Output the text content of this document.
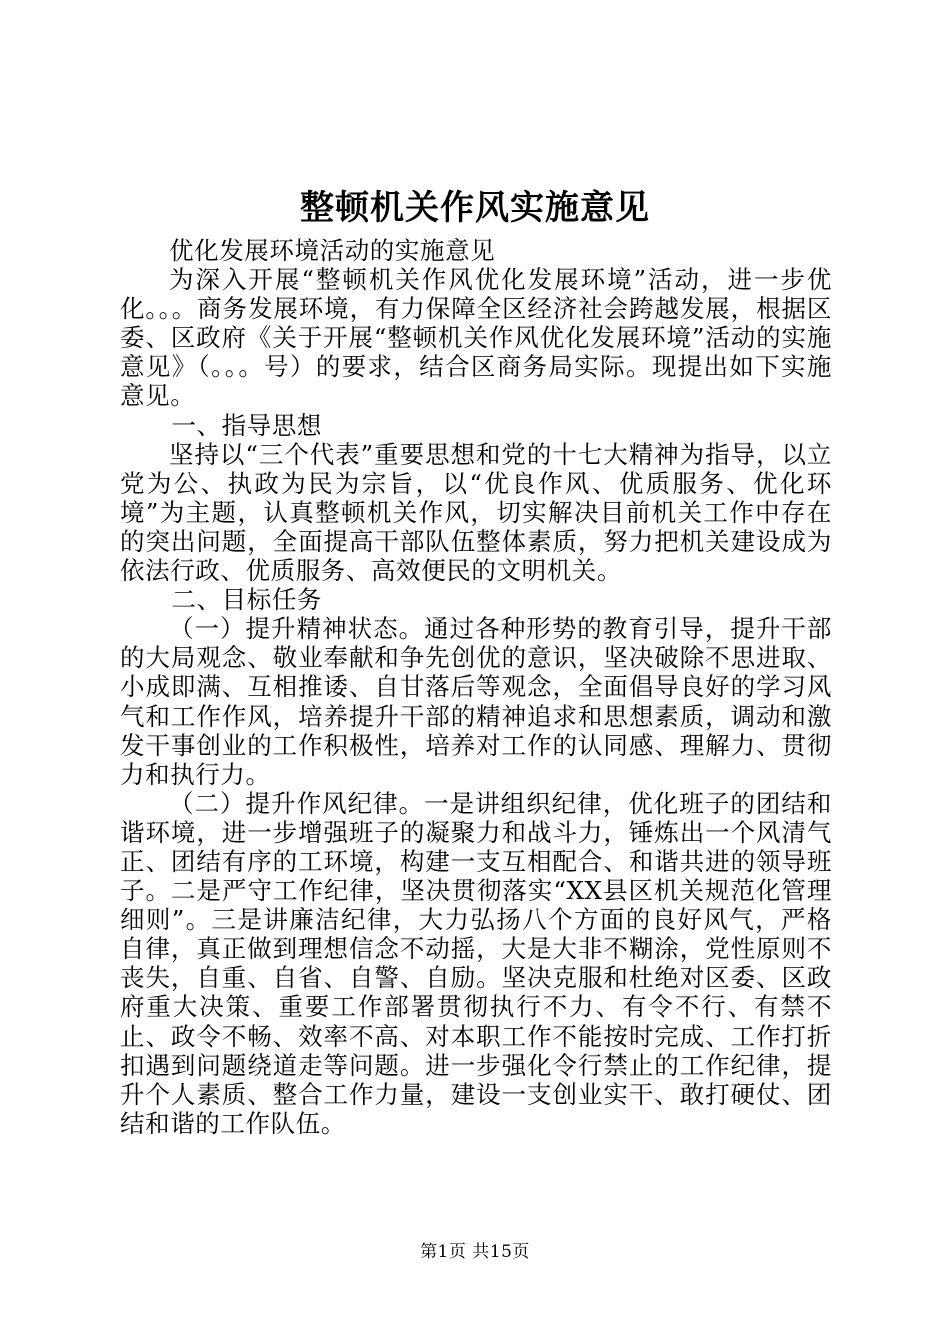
整顿机关作风实施意见

优化发展环境活动的实施意见

为深入开展“整顿机关作风优化发展环境”活动，进一步优化。。。商务发展环境，有力保障全区经济社会跨越发展，根据区委、区政府《关于开展“整顿机关作风优化发展环境”活动的实施意见》（。。。号）的要求，结合区商务局实际。现提出如下实施意见。

一、指导思想

坚持以“三个代表”重要思想和党的十七大精神为指导，以立党为公、执政为民为宗旨，以“优良作风、优质服务、优化环境”为主题，认真整顿机关作风，切实解决目前机关工作中存在的突出问题，全面提高干部队伍整体素质，努力把机关建设成为依法行政、优质服务、高效便民的文明机关。

二、目标任务

（一）提升精神状态。通过各种形势的教育引导，提升干部的大局观念、敬业奉献和争先创优的意识，坚决破除不思进取、小成即满、互相推诿、自甘落后等观念，全面倡导良好的学习风气和工作作风，培养提升干部的精神追求和思想素质，调动和激发干事创业的工作积极性，培养对工作的认同感、理解力、贯彻力和执行力。

（二）提升作风纪律。一是讲组织纪律，优化班子的团结和谐环境，进一步增强班子的凝聚力和战斗力，锤炼出一个风清气正、团结有序的工环境，构建一支互相配合、和谐共进的领导班子。二是严守工作纪律，坚决贯彻落实“XX县区机关规范化管理细则”。三是讲廉洁纪律，大力弘扬八个方面的良好风气，严格自律，真正做到理想信念不动摇，大是大非不糊涂，党性原则不丧失，自重、自省、自警、自励。坚决克服和杜绝对区委、区政府重大决策、重要工作部署贯彻执行不力、有令不行、有禁不止、政令不畅、效率不高、对本职工作不能按时完成、工作打折扣遇到问题绕道走等问题。进一步强化令行禁止的工作纪律，提升个人素质、整合工作力量，建设一支创业实干、敢打硬仗、团结和谐的工作队伍。

第1页 共15页
